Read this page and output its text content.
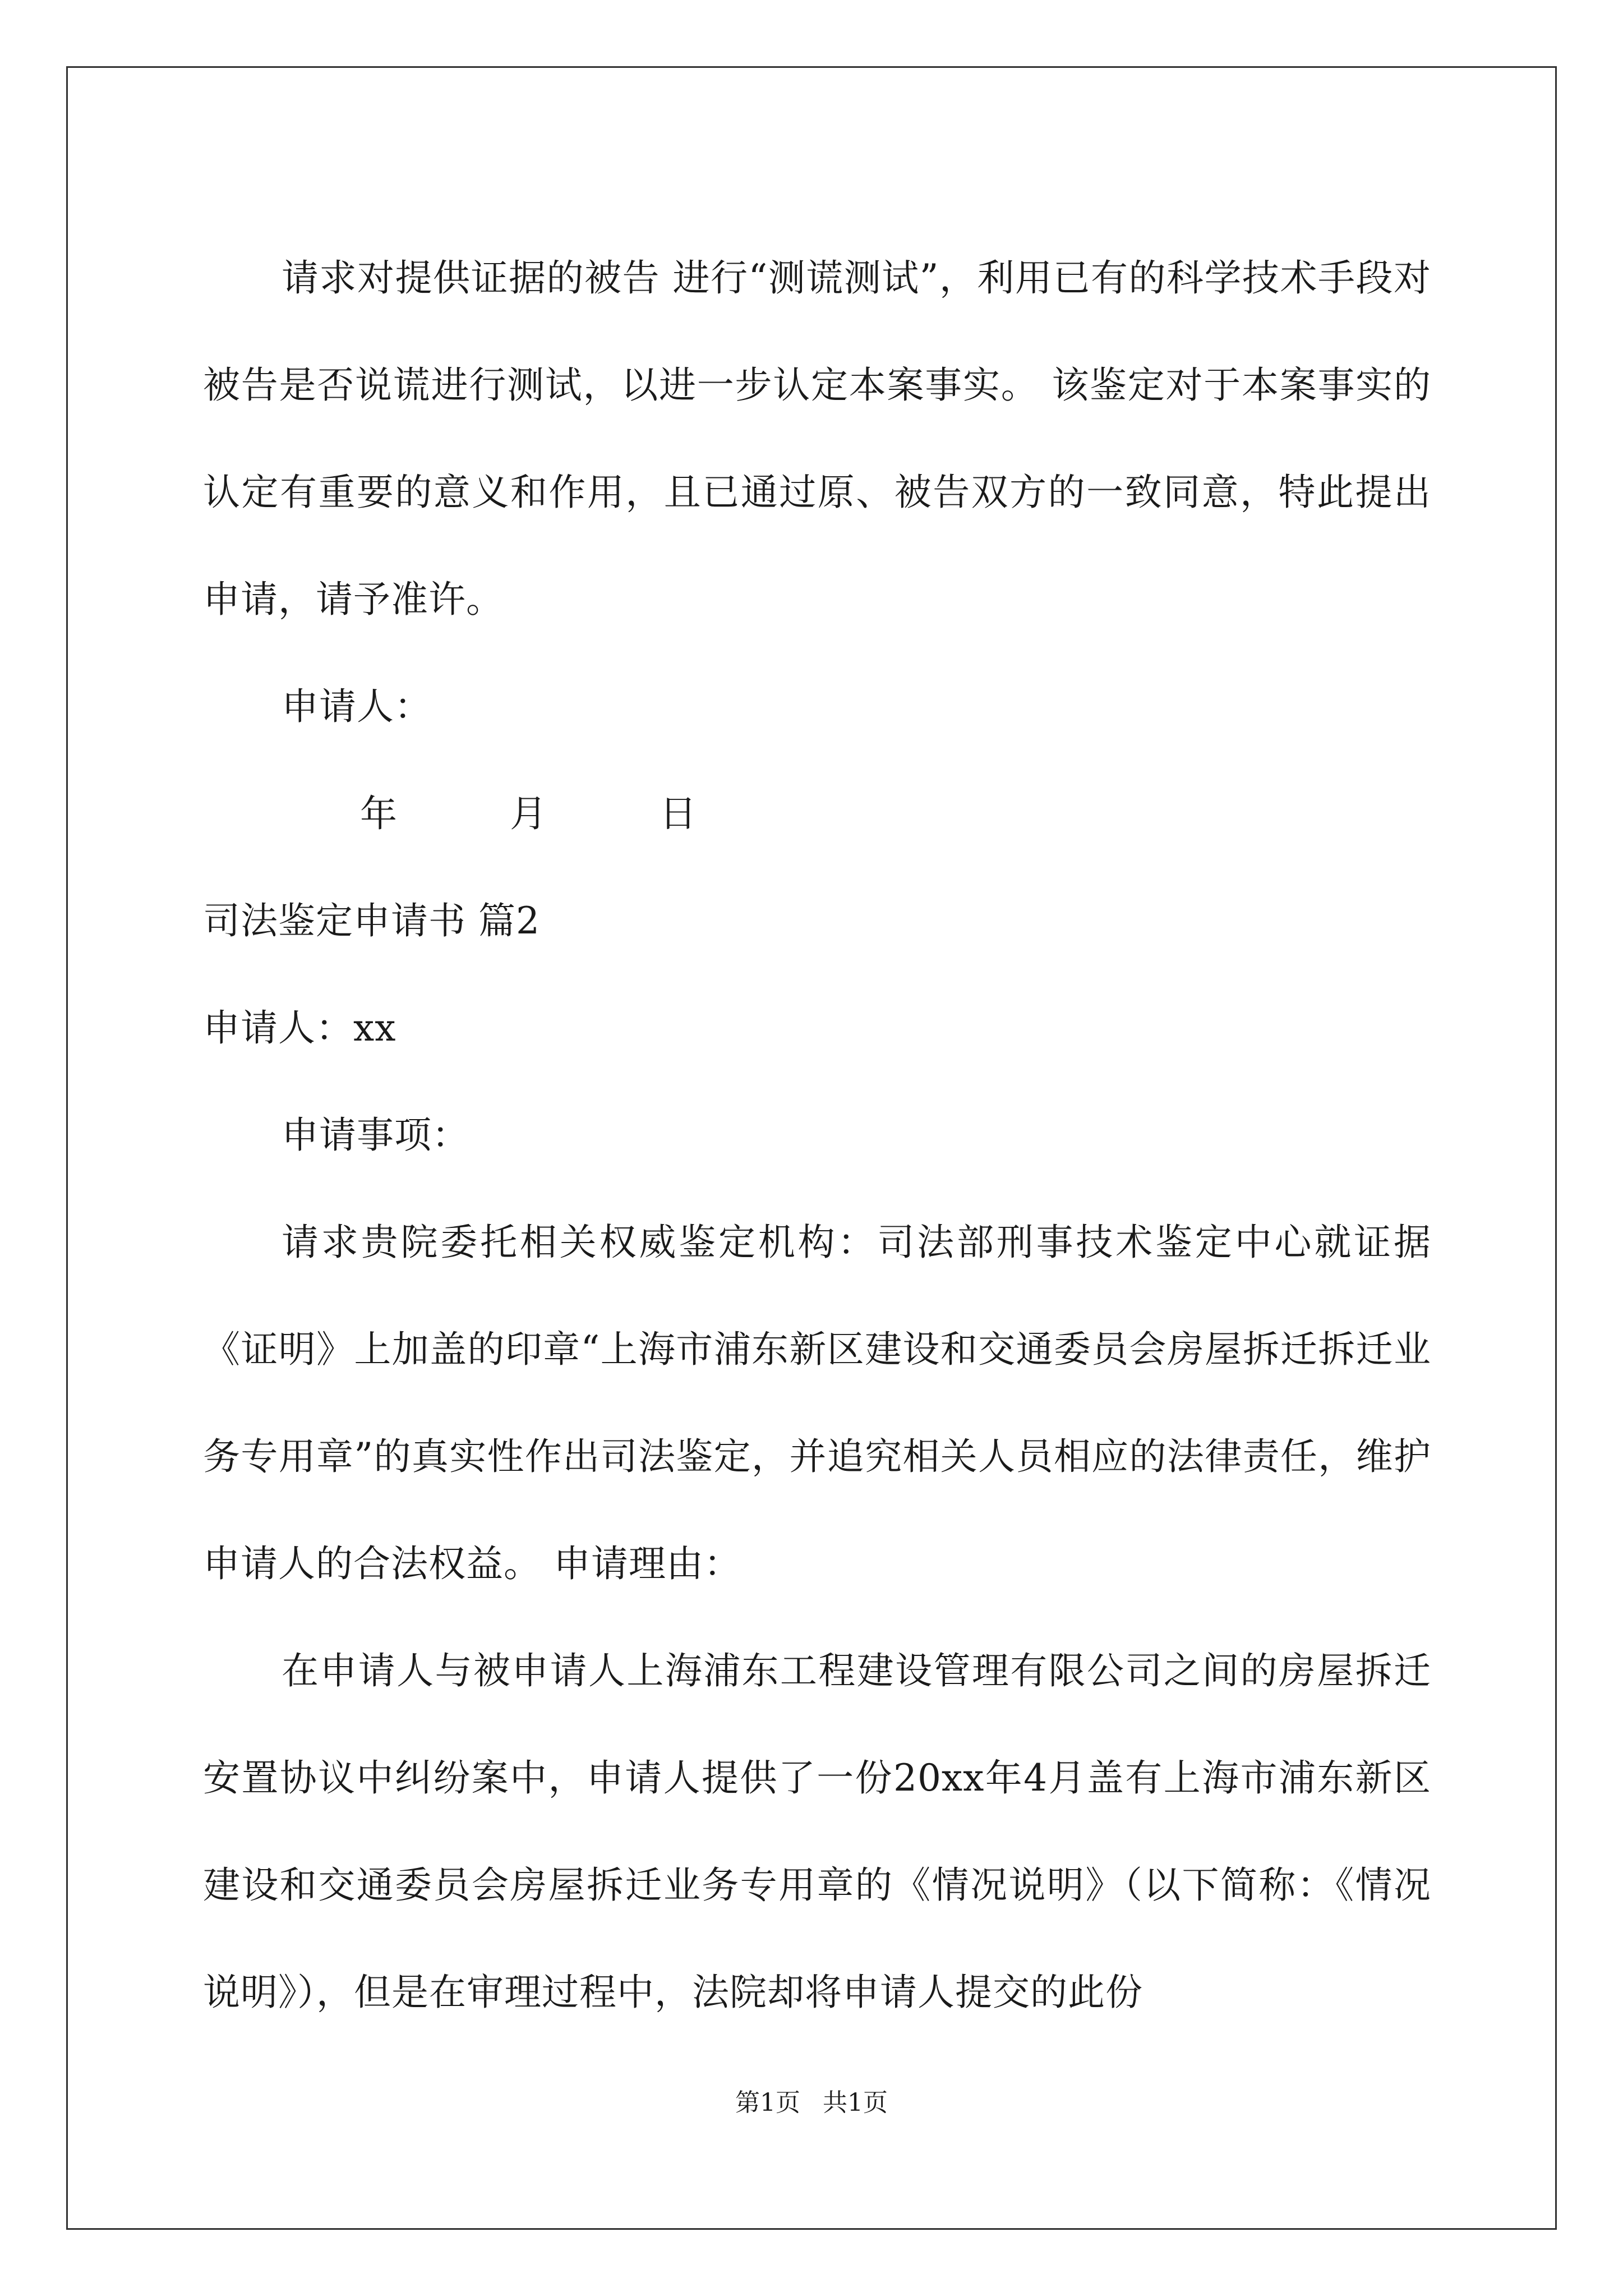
请求对提供证据的被告 进行“测谎测试”，利用已有的科学技术手段对被告是否说谎进行测试，以进一步认定本案事实。 该鉴定对于本案事实的认定有重要的意义和作用，且已通过原、被告双方的一致同意，特此提出申请，请予准许。

申请人：

年	月	日

司法鉴定申请书 篇2

申请人：xx

申请事项：

请求贵院委托相关权威鉴定机构：司法部刑事技术鉴定中心就证据《证明》上加盖的印章“上海市浦东新区建设和交通委员会房屋拆迁拆迁业务专用章”的真实性作出司法鉴定，并追究相关人员相应的法律责任，维护申请人的合法权益。 申请理由：

在申请人与被申请人上海浦东工程建设管理有限公司之间的房屋拆迁安置协议中纠纷案中，申请人提供了一份20xx年4月盖有上海市浦东新区建设和交通委员会房屋拆迁业务专用章的《情况说明》（以下简称：《情况说明》），但是在审理过程中，法院却将申请人提交的此份

第1页 共1页
